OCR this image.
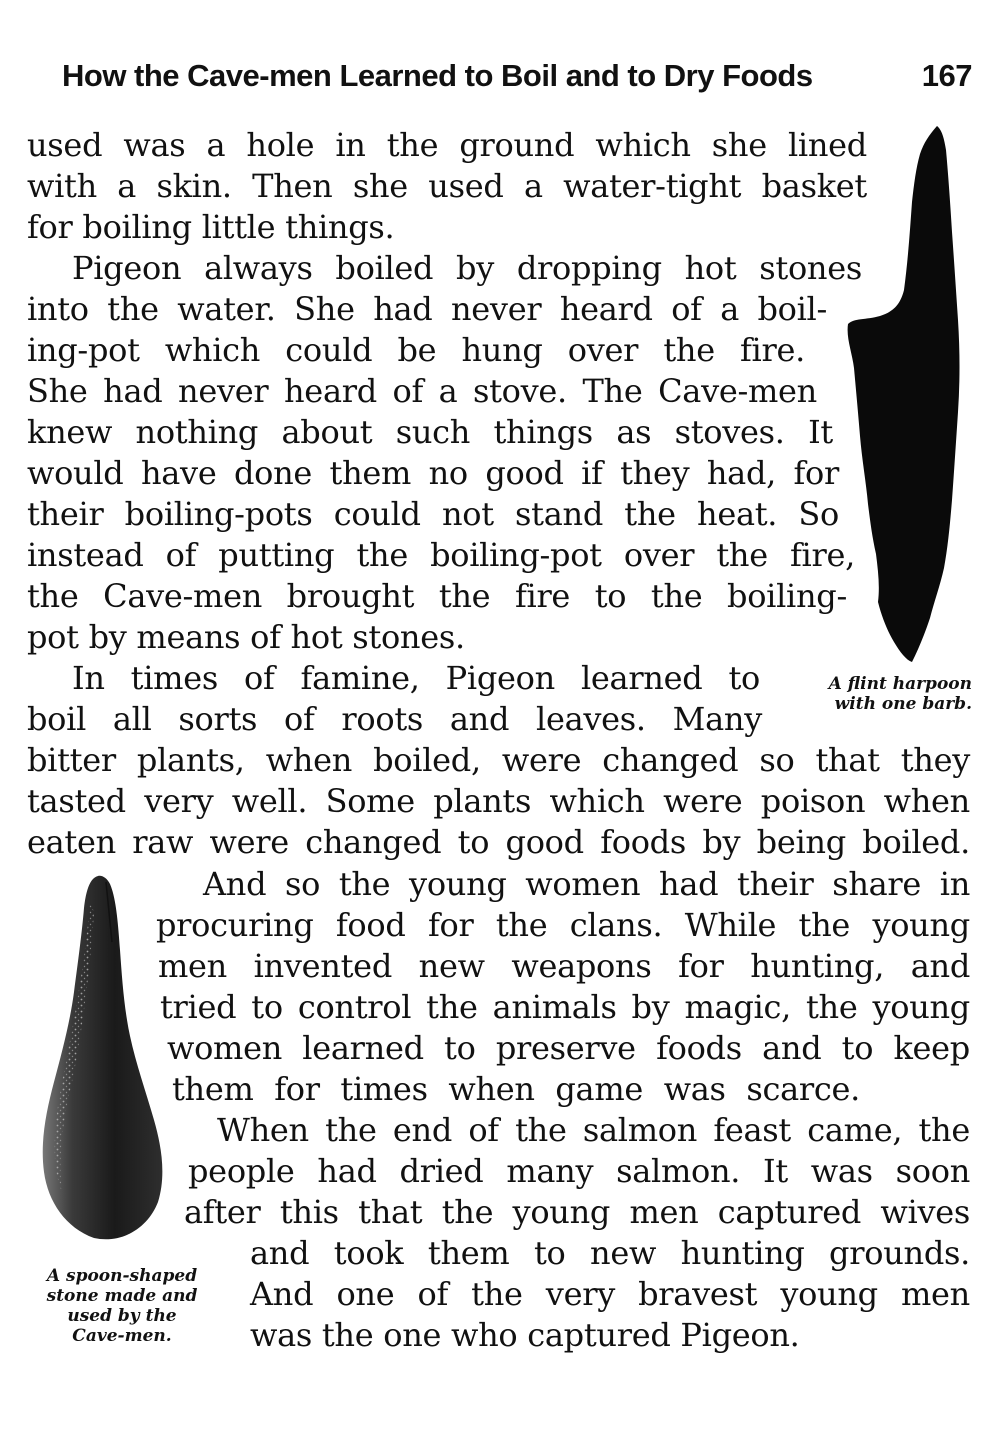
How the Cave-men Learned to Boil and to Dry Foods	167
used was a hole in the ground which she lined
with a skin. Then she used a water-tight basket
for boiling little things.
Pigeon always boiled by dropping hot stones
into the water. She had never heard of a boil-
ing-pot which could be hung over the fire.
She had never heard of a stove. The Cave-men
knew nothing about such things as stoves. It
would have done them no good if they had, for
their boiling-pots could not stand the heat. So
instead of putting the boiling-pot over the fire,
the Cave-men brought the fire to the boiling-
pot by means of hot stones.
In times of famine, Pigeon learned to
boil all sorts of roots and leaves. Many
bitter plants, when boiled, were changed so that they
tasted very well. Some plants which were poison when
eaten raw were changed to good foods by being boiled.
And so the young women had their share in
procuring food for the clans. While the young
men invented new weapons for hunting, and
tried to control the animals by magic, the young
women learned to preserve foods and to keep
them for times when game was scarce.
When the end of the salmon feast came, the
people had dried many salmon. It was soon
after this that the young men captured wives
and took them to new hunting grounds.
And one of the very bravest young men
was the one who captured Pigeon.
A flint harpoon
with one barb.
A spoon-shaped
stone made and
used by the
Cave-men.
